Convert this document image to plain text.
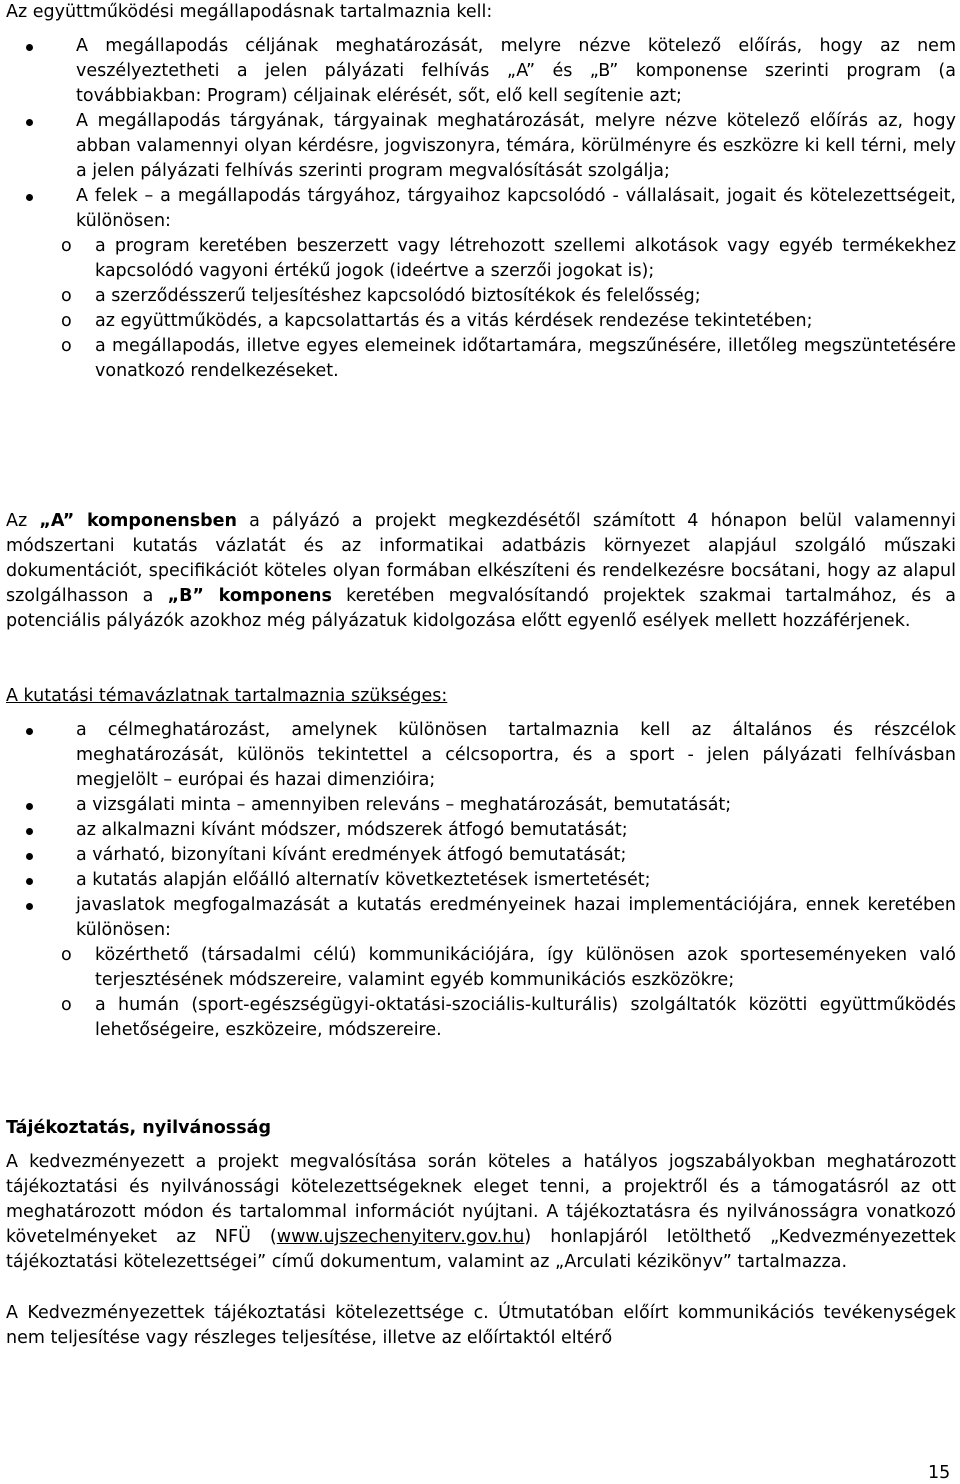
Az együttműködési megállapodásnak tartalmaznia kell:

A megállapodás céljának meghatározását, melyre nézve kötelező előírás, hogy az nem veszélyeztetheti a jelen pályázati felhívás „A” és „B” komponense szerinti program (a továbbiakban: Program) céljainak elérését, sőt, elő kell segítenie azt;
A megállapodás tárgyának, tárgyainak meghatározását, melyre nézve kötelező előírás az, hogy abban valamennyi olyan kérdésre, jogviszonyra, témára, körülményre és eszközre ki kell térni, mely a jelen pályázati felhívás szerinti program megvalósítását szolgálja;
A felek – a megállapodás tárgyához, tárgyaihoz kapcsolódó - vállalásait, jogait és kötelezettségeit, különösen:
o a program keretében beszerzett vagy létrehozott szellemi alkotások vagy egyéb termékekhez kapcsolódó vagyoni értékű jogok (ideértve a szerzői jogokat is);
o a szerződésszerű teljesítéshez kapcsolódó biztosítékok és felelősség;
o az együttműködés, a kapcsolattartás és a vitás kérdések rendezése tekintetében;
o a megállapodás, illetve egyes elemeinek időtartamára, megszűnésére, illetőleg megszüntetésére vonatkozó rendelkezéseket.

Az „A” komponensben a pályázó a projekt megkezdésétől számított 4 hónapon belül valamennyi módszertani kutatás vázlatát és az informatikai adatbázis környezet alapjául szolgáló műszaki dokumentációt, specifikációt köteles olyan formában elkészíteni és rendelkezésre bocsátani, hogy az alapul szolgálhasson a „B” komponens keretében megvalósítandó projektek szakmai tartalmához, és a potenciális pályázók azokhoz még pályázatuk kidolgozása előtt egyenlő esélyek mellett hozzáférjenek.

A kutatási témavázlatnak tartalmaznia szükséges:

a célmeghatározást, amelynek különösen tartalmaznia kell az általános és részcélok meghatározását, különös tekintettel a célcsoportra, és a sport - jelen pályázati felhívásban megjelölt – európai és hazai dimenzióira;
a vizsgálati minta – amennyiben releváns – meghatározását, bemutatását;
az alkalmazni kívánt módszer, módszerek átfogó bemutatását;
a várható, bizonyítani kívánt eredmények átfogó bemutatását;
a kutatás alapján előálló alternatív következtetések ismertetését;
javaslatok megfogalmazását a kutatás eredményeinek hazai implementációjára, ennek keretében különösen:
o közérthető (társadalmi célú) kommunikációjára, így különösen azok sporteseményeken való terjesztésének módszereire, valamint egyéb kommunikációs eszközökre;
o a humán (sport-egészségügyi-oktatási-szociális-kulturális) szolgáltatók közötti együttműködés lehetőségeire, eszközeire, módszereire.

Tájékoztatás, nyilvánosság

A kedvezményezett a projekt megvalósítása során köteles a hatályos jogszabályokban meghatározott tájékoztatási és nyilvánossági kötelezettségeknek eleget tenni, a projektről és a támogatásról az ott meghatározott módon és tartalommal információt nyújtani. A tájékoztatásra és nyilvánosságra vonatkozó követelményeket az NFÜ (www.ujszechenyiterv.gov.hu) honlapjáról letölthető „Kedvezményezettek tájékoztatási kötelezettségei” című dokumentum, valamint az „Arculati kézikönyv” tartalmazza.

A Kedvezményezettek tájékoztatási kötelezettsége c. Útmutatóban előírt kommunikációs tevékenységek nem teljesítése vagy részleges teljesítése, illetve az előírtaktól eltérő

15
